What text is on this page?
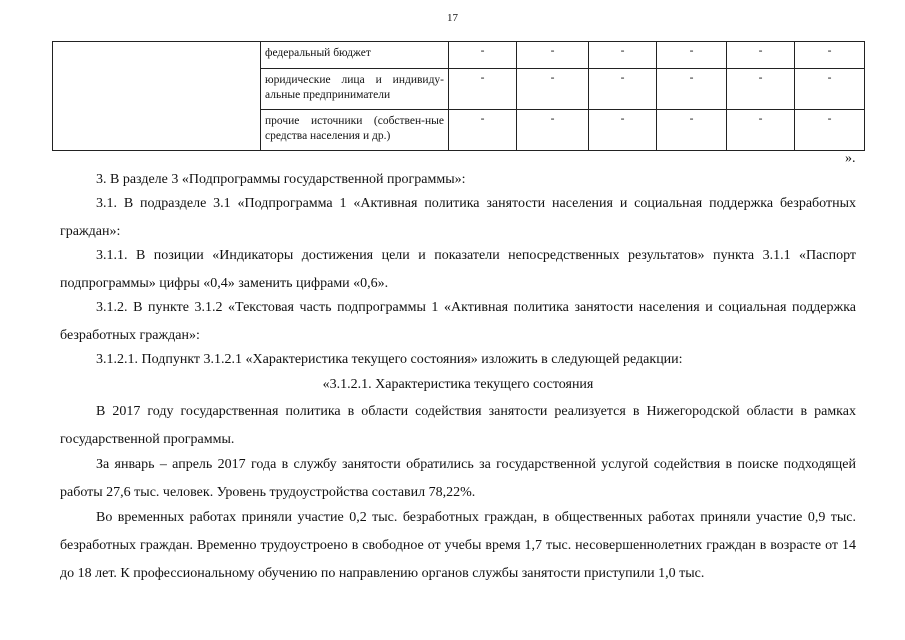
17
	федеральный бюджет	-	-	-	-	-	-
	юридические лица и индивиду-альные предприниматели	-	-	-	-	-	-
	прочие источники (собствен-ные средства населения и др.)	-	-	-	-	-	-
».

3. В разделе 3 «Подпрограммы государственной программы»:

3.1. В подразделе 3.1 «Подпрограмма 1 «Активная политика занятости населения и социальная поддержка безработных граждан»:

3.1.1. В позиции «Индикаторы достижения цели и показатели непосредственных результатов» пункта 3.1.1 «Паспорт подпрограммы» цифры «0,4» заменить цифрами «0,6».

3.1.2. В пункте 3.1.2 «Текстовая часть подпрограммы 1 «Активная политика занятости населения и социальная поддержка безработных граждан»:

3.1.2.1. Подпункт 3.1.2.1 «Характеристика текущего состояния» изложить в следующей редакции:

«3.1.2.1. Характеристика текущего состояния

В 2017 году государственная политика в области содействия занятости реализуется в Нижегородской области в рамках государственной программы.

За январь – апрель 2017 года в службу занятости обратились за государственной услугой содействия в поиске подходящей работы 27,6 тыс. человек. Уровень трудоустройства составил 78,22%.

Во временных работах приняли участие 0,2 тыс. безработных граждан, в общественных работах приняли участие 0,9 тыс. безработных граждан. Временно трудоустроено в свободное от учебы время 1,7 тыс. несовершеннолетних граждан в возрасте от 14 до 18 лет. К профессиональному обучению по направлению органов службы занятости приступили 1,0 тыс.
